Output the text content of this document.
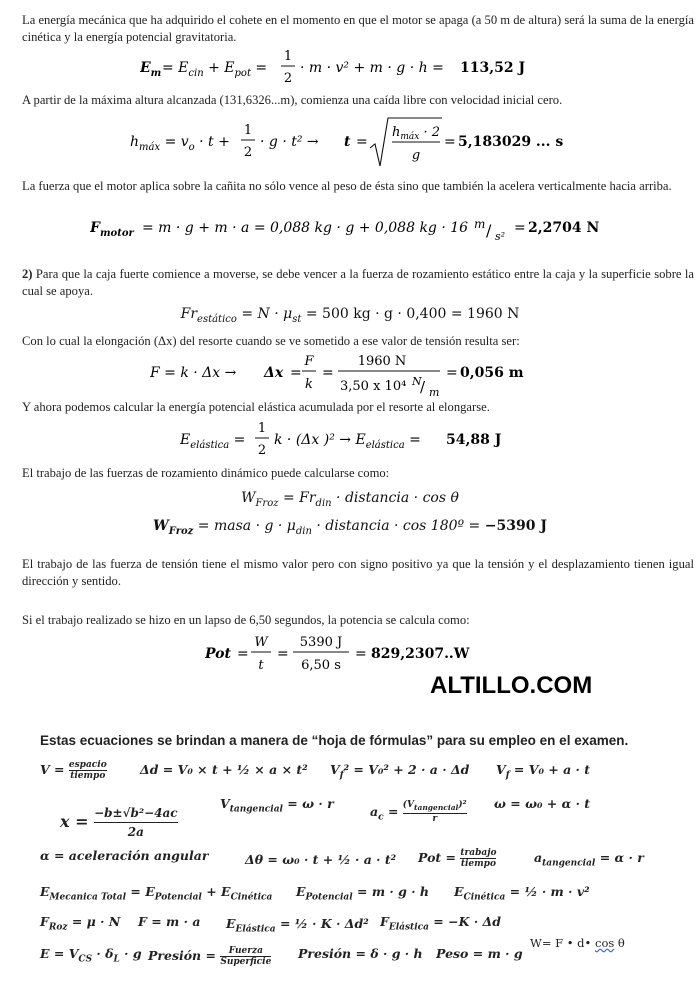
La energía mecánica que ha adquirido el cohete en el momento en que el motor se apaga (a 50 m de altura) será la suma de la energía cinética y la energía potencial gravitatoria.

$E_m = E_{cin} + E_{pot}$ =
1
2
· m · v² + m · g · h = 113,52 J

A partir de la máxima altura alcanzada (131,6326...m), comienza una caída libre con velocidad inicial cero.

$h_{máx} = v_o \cdot t$ +
1
2
· g · t² → t =
$h_{máx} \cdot 2$
g
= 5,183029 ... s

La fuerza que el motor aplica sobre la cañita no sólo vence al peso de ésta sino que también la acelera verticalmente hacia arriba.

$F_{motor} = m \cdot g + m \cdot a = 0,088$ kg · g + 0,088 kg · 16 m / s²
= 2,2704 N

2) Para que la caja fuerte comience a moverse, se debe vencer a la fuerza de rozamiento estático entre la caja y la superficie sobre la cual se apoya.

$Fr_{estático} = N \cdot \mu_{st} = 500$ kg · g · 0,400 = 1960 N

Con lo cual la elongación (Δx) del resorte cuando se ve sometido a ese valor de tensión resulta ser:

F = k · Δx → Δx =
F
k
=
1960 N
3,50 x 10⁴ N
/ m
= 0,056 m

Y ahora podemos calcular la energía potencial elástica acumulada por el resorte al elongarse.

$E_{elástica}$ =
1
2
k · (Δx )$^2 \to E_{elástica} = 54,88$ J

El trabajo de las fuerzas de rozamiento dinámico puede calcularse como:

$W_{Froz} = Fr_{din}$ · distancia · cos θ
$W_{Froz}$ = masa · $g \cdot \mu_{din}$ · distancia · cos 180º = −5390 J

El trabajo de las fuerza de tensión tiene el mismo valor pero con signo positivo ya que la tensión y el desplazamiento tienen igual dirección y sentido.

Si el trabajo realizado se hizo en un lapso de 6,50 segundos, la potencia se calcula como:

Pot =
W
t
=
5390 J
6,50 s
= 829,2307..W
ALTILLO.COM
Estas ecuaciones se brindan a manera de “hoja de fórmulas” para su empleo en el examen.
V = espacio
tiempo	Δd = V₀ × t + ½ × a × t² $V_f^2 = V_0^2 + 2 \cdot a \cdot \Delta d$ $V_f = V_0 + a \cdot t$
x = −b±√b²−4ac
2a
$V_{tangencial} = \omega \cdot r$
$a_c = (V_{tangencial})^2$
r
ω = ω₀ + α · t
α = aceleración angular	Δθ = ω₀ · t + ½ · a · t² Pot = trabajo
tiempo	$a_{tangencial} = \alpha \cdot r$
$E_{Mecanica Total} = E_{Potencial} + E_{Cinética}$ $E_{Potencial} = m \cdot g \cdot h$ $E_{Cinética}$ = ½ · m · v²
$F_{Roz} = \mu \cdot N$ F = m · a $E_{Elástica}$ = ½ · K · Δd² $F_{Elástica} = -K \cdot \Delta d$
$E = V_{CS} \cdot \delta_L \cdot g$ Presión = Fuerza
Superficie
Presión = δ · g · h Peso = m · g
W= F • d• cos θ
